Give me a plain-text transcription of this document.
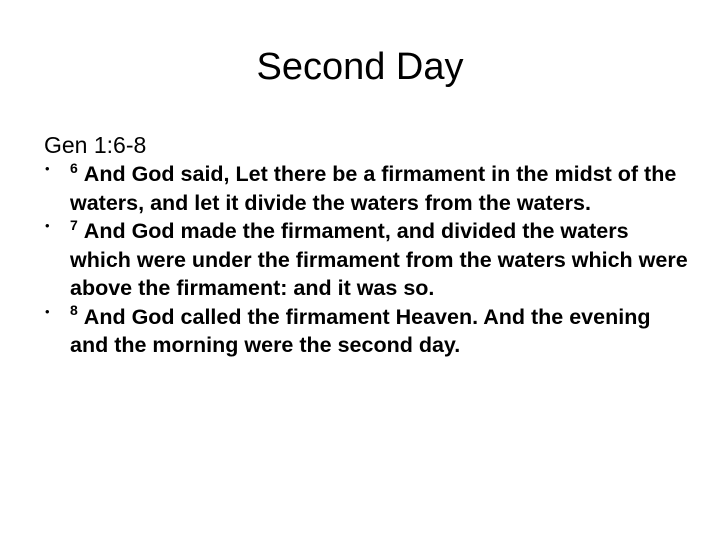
Second Day

Gen 1:6-8

• $^6$ And God said, Let there be a firmament in the midst of the waters, and let it divide the waters from the waters.
• $^7$ And God made the firmament, and divided the waters which were under the firmament from the waters which were above the firmament: and it was so.
• $^8$ And God called the firmament Heaven. And the evening and the morning were the second day.
